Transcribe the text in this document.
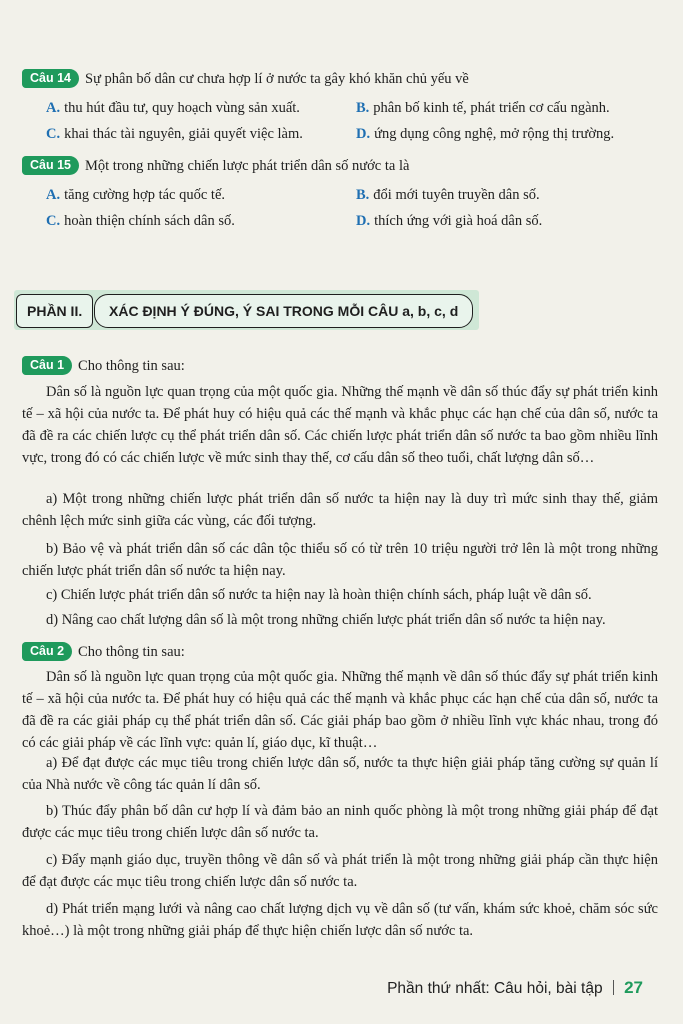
Câu 14 Sự phân bố dân cư chưa hợp lí ở nước ta gây khó khăn chủ yếu về
A. thu hút đầu tư, quy hoạch vùng sản xuất.	B. phân bố kinh tế, phát triển cơ cấu ngành.
C. khai thác tài nguyên, giải quyết việc làm.	D. ứng dụng công nghệ, mở rộng thị trường.
Câu 15 Một trong những chiến lược phát triển dân số nước ta là
A. tăng cường hợp tác quốc tế.	B. đổi mới tuyên truyền dân số.
C. hoàn thiện chính sách dân số.	D. thích ứng với già hoá dân số.
PHẦN II.	XÁC ĐỊNH Ý ĐÚNG, Ý SAI TRONG MỖI CÂU a, b, c, d
Câu 1 Cho thông tin sau:
Dân số là nguồn lực quan trọng của một quốc gia. Những thế mạnh về dân số thúc đẩy sự phát triển kinh tế – xã hội của nước ta. Để phát huy có hiệu quả các thế mạnh và khắc phục các hạn chế của dân số, nước ta đã đề ra các chiến lược cụ thể phát triển dân số. Các chiến lược phát triển dân số nước ta bao gồm nhiều lĩnh vực, trong đó có các chiến lược về mức sinh thay thế, cơ cấu dân số theo tuổi, chất lượng dân số…
a) Một trong những chiến lược phát triển dân số nước ta hiện nay là duy trì mức sinh thay thế, giảm chênh lệch mức sinh giữa các vùng, các đối tượng.
b) Bảo vệ và phát triển dân số các dân tộc thiểu số có từ trên 10 triệu người trở lên là một trong những chiến lược phát triển dân số nước ta hiện nay.
c) Chiến lược phát triển dân số nước ta hiện nay là hoàn thiện chính sách, pháp luật về dân số.
d) Nâng cao chất lượng dân số là một trong những chiến lược phát triển dân số nước ta hiện nay.
Câu 2 Cho thông tin sau:
Dân số là nguồn lực quan trọng của một quốc gia. Những thế mạnh về dân số thúc đẩy sự phát triển kinh tế – xã hội của nước ta. Để phát huy có hiệu quả các thế mạnh và khắc phục các hạn chế của dân số, nước ta đã đề ra các giải pháp cụ thể phát triển dân số. Các giải pháp bao gồm ở nhiều lĩnh vực khác nhau, trong đó có các giải pháp về các lĩnh vực: quản lí, giáo dục, kĩ thuật…
a) Để đạt được các mục tiêu trong chiến lược dân số, nước ta thực hiện giải pháp tăng cường sự quản lí của Nhà nước về công tác quản lí dân số.
b) Thúc đẩy phân bố dân cư hợp lí và đảm bảo an ninh quốc phòng là một trong những giải pháp để đạt được các mục tiêu trong chiến lược dân số nước ta.
c) Đẩy mạnh giáo dục, truyền thông về dân số và phát triển là một trong những giải pháp cần thực hiện để đạt được các mục tiêu trong chiến lược dân số nước ta.
d) Phát triển mạng lưới và nâng cao chất lượng dịch vụ về dân số (tư vấn, khám sức khoẻ, chăm sóc sức khoẻ…) là một trong những giải pháp để thực hiện chiến lược dân số nước ta.
Phần thứ nhất: Câu hỏi, bài tập 27
